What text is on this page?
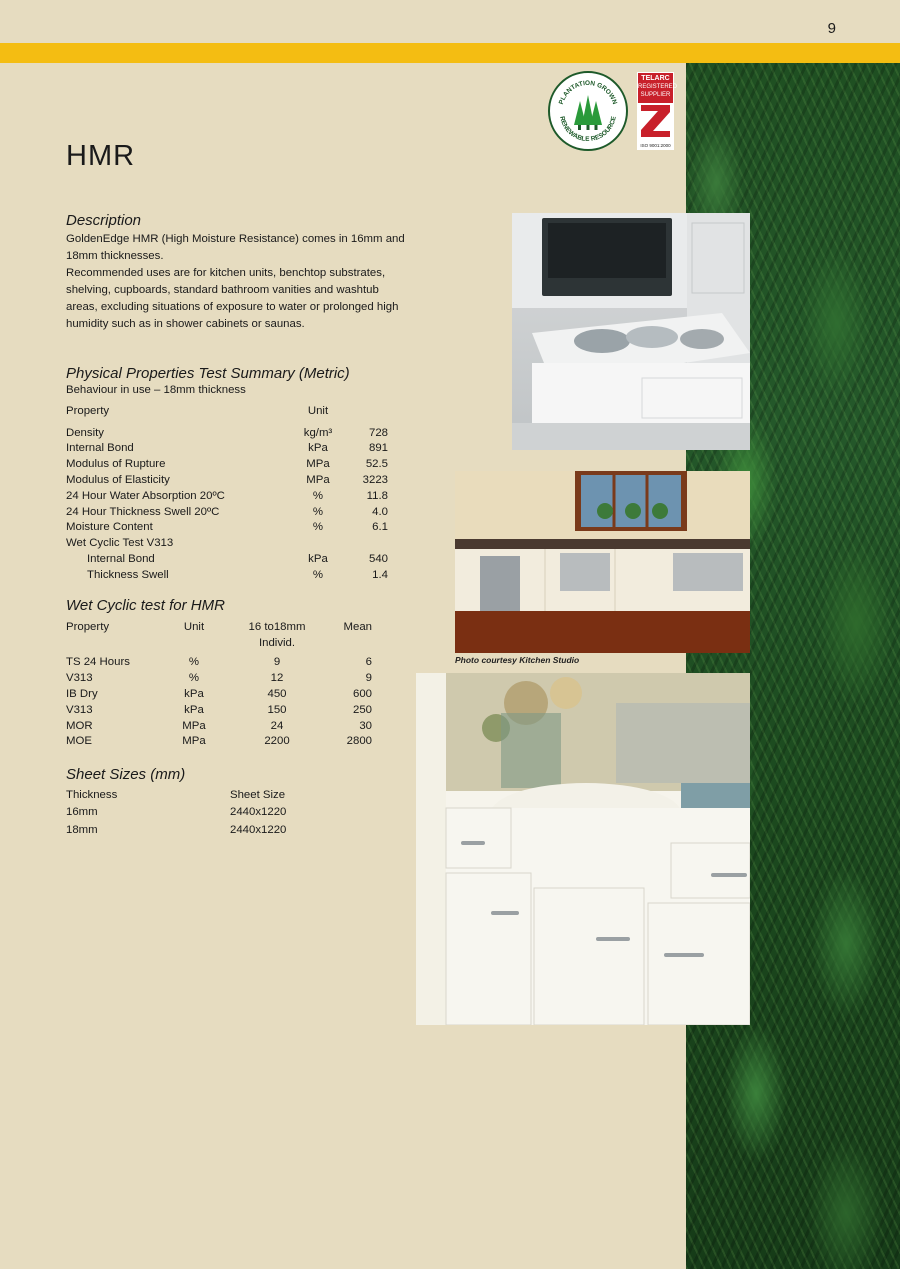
9
PLANTATION GROWN
RENEWABLE RESOURCE
TELARC
REGISTERED
SUPPLIER
ISO 9001:2000
HMR
Description

GoldenEdge HMR (High Moisture Resistance) comes in 16mm and 18mm thicknesses.

Recommended uses are for kitchen units, benchtop substrates, shelving, cupboards, standard bathroom vanities and washtub areas, excluding situations of exposure to water or prolonged high humidity such as in shower cabinets or saunas.

Physical Properties Test Summary (Metric)
Behaviour in use – 18mm thickness
Property	Unit	

Density	kg/m³	728
Internal Bond	kPa	891
Modulus of Rupture	MPa	52.5
Modulus of Elasticity	MPa	3223
24 Hour Water Absorption 20ºC	%	11.8
24 Hour Thickness Swell 20ºC	%	4.0
Moisture Content	%	6.1
Wet Cyclic Test V313		
Internal Bond	kPa	540
Thickness Swell	%	1.4
Wet Cyclic test for HMR
Property	Unit	16 to18mm	Mean
		Individ.	

TS 24 Hours	%	9	6
V313	%	12	9
IB Dry	kPa	450	600
V313	kPa	150	250
MOR	MPa	24	30
MOE	MPa	2200	2800
Sheet Sizes (mm)
Thickness	Sheet Size
16mm	2440x1220
18mm	2440x1220
Photo courtesy Kitchen Studio
